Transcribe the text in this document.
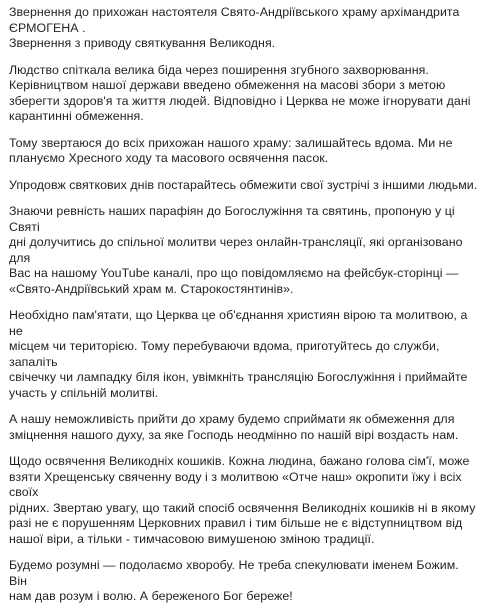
Звернення до прихожан настоятеля Свято-Андріївського храму архімандрита ЄРМОГЕНА .
Звернення з приводу святкування Великодня.

Людство спіткала велика біда через поширення згубного захворювання.
Керівництвом нашої держави введено обмеження на масові збори з метою
зберегти здоров'я та життя людей. Відповідно і Церква не може ігнорувати дані
карантинні обмеження.

Тому звертаюся до всіх прихожан нашого храму: залишайтесь вдома. Ми не
плануємо Хресного ходу та масового освячення пасок.

Упродовж святкових днів постарайтесь обмежити свої зустрічі з іншими людьми.

Знаючи ревність наших парафіян до Богослужіння та святинь, пропоную у ці Святі
дні долучитись до спільної молитви через онлайн-трансляції, які організовано для
Вас на нашому YouTube каналі, про що повідомляємо на фейсбук-сторінці —
«Свято-Андріївський храм м. Старокостянтинів».

Необхідно пам'ятати, що Церква це об'єднання християн вірою та молитвою, а не
місцем чи територією. Тому перебуваючи вдома, приготуйтесь до служби, запаліть
свічечку чи лампадку біля ікон, увімкніть трансляцію Богослужіння і приймайте
участь у спільній молитві.

А нашу неможливість прийти до храму будемо сприймати як обмеження для
зміцнення нашого духу, за яке Господь неодмінно по нашій вірі воздасть нам.

Щодо освячення Великодніх кошиків. Кожна людина, бажано голова сім'ї, може
взяти Хрещенську свяченну воду і з молитвою «Отче наш» окропити їжу і всіх своїх
рідних. Звертаю увагу, що такий спосіб освячення Великодніх кошиків ні в якому
разі не є порушенням Церковних правил і тим більше не є відступництвом від
нашої віри, а тільки - тимчасовою вимушеною зміною традиції.

Будемо розумні — подолаємо хворобу. Не треба спекулювати іменем Божим. Він
нам дав розум і волю. А береженого Бог береже!
